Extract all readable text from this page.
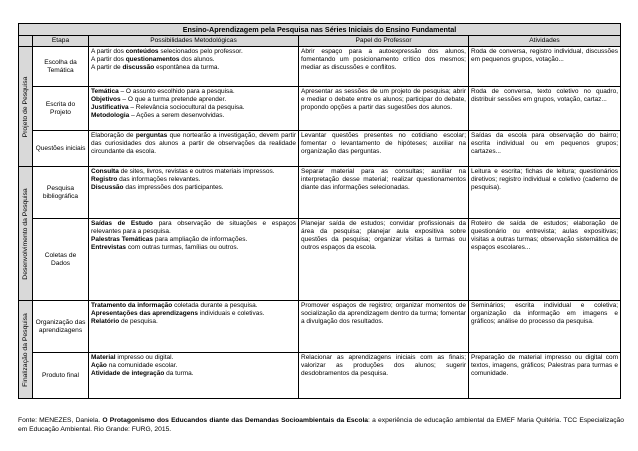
Ensino-Aprendizagem pela Pesquisa nas Séries Iniciais do Ensino Fundamental				
	Etapa	Possibilidades Metodológicas	Papel do Professor	Atividades

Projeto de Pesquisa	Escolha da Temática	A partir dos conteúdos selecionados pelo professor.
A partir dos questionamentos dos alunos.
A partir de discussão espontânea da turma.	Abrir espaço para a autoexpressão dos alunos, fomentando um posicionamento crítico dos mesmos; mediar as discussões e conflitos.	Roda de conversa, registro individual, discussões em pequenos grupos, votação...
	Escrita do Projeto	Temática – O assunto escolhido para a pesquisa.
Objetivos – O que a turma pretende aprender.
Justificativa – Relevância sociocultural da pesquisa.
Metodologia – Ações a serem desenvolvidas.	Apresentar as sessões de um projeto de pesquisa; abrir e mediar o debate entre os alunos; participar do debate, propondo opções a partir das sugestões dos alunos.	Roda de conversa, texto coletivo no quadro, distribuir sessões em grupos, votação, cartaz...
	Questões iniciais	Elaboração de perguntas que nortearão a investigação, devem partir das curiosidades dos alunos a partir de observações da realidade circundante da escola.	Levantar questões presentes no cotidiano escolar; fomentar o levantamento de hipóteses; auxiliar na organização das perguntas.	Saídas da escola para observação do bairro; escrita individual ou em pequenos grupos; cartazes...

Desenvolvimento da Pesquisa	Pesquisa bibliográfica	Consulta de sites, livros, revistas e outros materiais impressos.
Registro das informações relevantes.
Discussão das impressões dos participantes.	Separar material para as consultas; auxiliar na interpretação desse material; realizar questionamentos diante das informações selecionadas.	Leitura e escrita; fichas de leitura; questionários diretivos; registro individual e coletivo (caderno de pesquisa).
	Coletas de Dados	Saídas de Estudo para observação de situações e espaços relevantes para a pesquisa.
Palestras Temáticas para ampliação de informações.
Entrevistas com outras turmas, famílias ou outros.	Planejar saída de estudos; convidar profissionais da área da pesquisa; planejar aula expositiva sobre questões da pesquisa; organizar visitas a turmas ou outros espaços da escola.	Roteiro de saída de estudos; elaboração de questionário ou entrevista; aulas expositivas; visitas a outras turmas; observação sistemática de espaços escolares...

Finalização da Pesquisa	Organização das aprendizagens	Tratamento da informação coletada durante a pesquisa.
Apresentações das aprendizagens individuais e coletivas.
Relatório de pesquisa.	Promover espaços de registro; organizar momentos de socialização da aprendizagem dentro da turma; fomentar a divulgação dos resultados.	Seminários; escrita individual e coletiva; organização da informação em imagens e gráficos; análise do processo da pesquisa.
	Produto final	Material impresso ou digital.
Ação na comunidade escolar.
Atividade de integração da turma.	Relacionar as aprendizagens iniciais com as finais; valorizar as produções dos alunos; sugerir desdobramentos da pesquisa.	Preparação de material impresso ou digital com textos, imagens, gráficos; Palestras para turmas e comunidade.
Fonte: MENEZES, Daniela. O Protagonismo dos Educandos diante das Demandas Socioambientais da Escola: a experiência de educação ambiental da EMEF Maria Quitéria. TCC Especialização em Educação Ambiental. Rio Grande: FURG, 2015.
